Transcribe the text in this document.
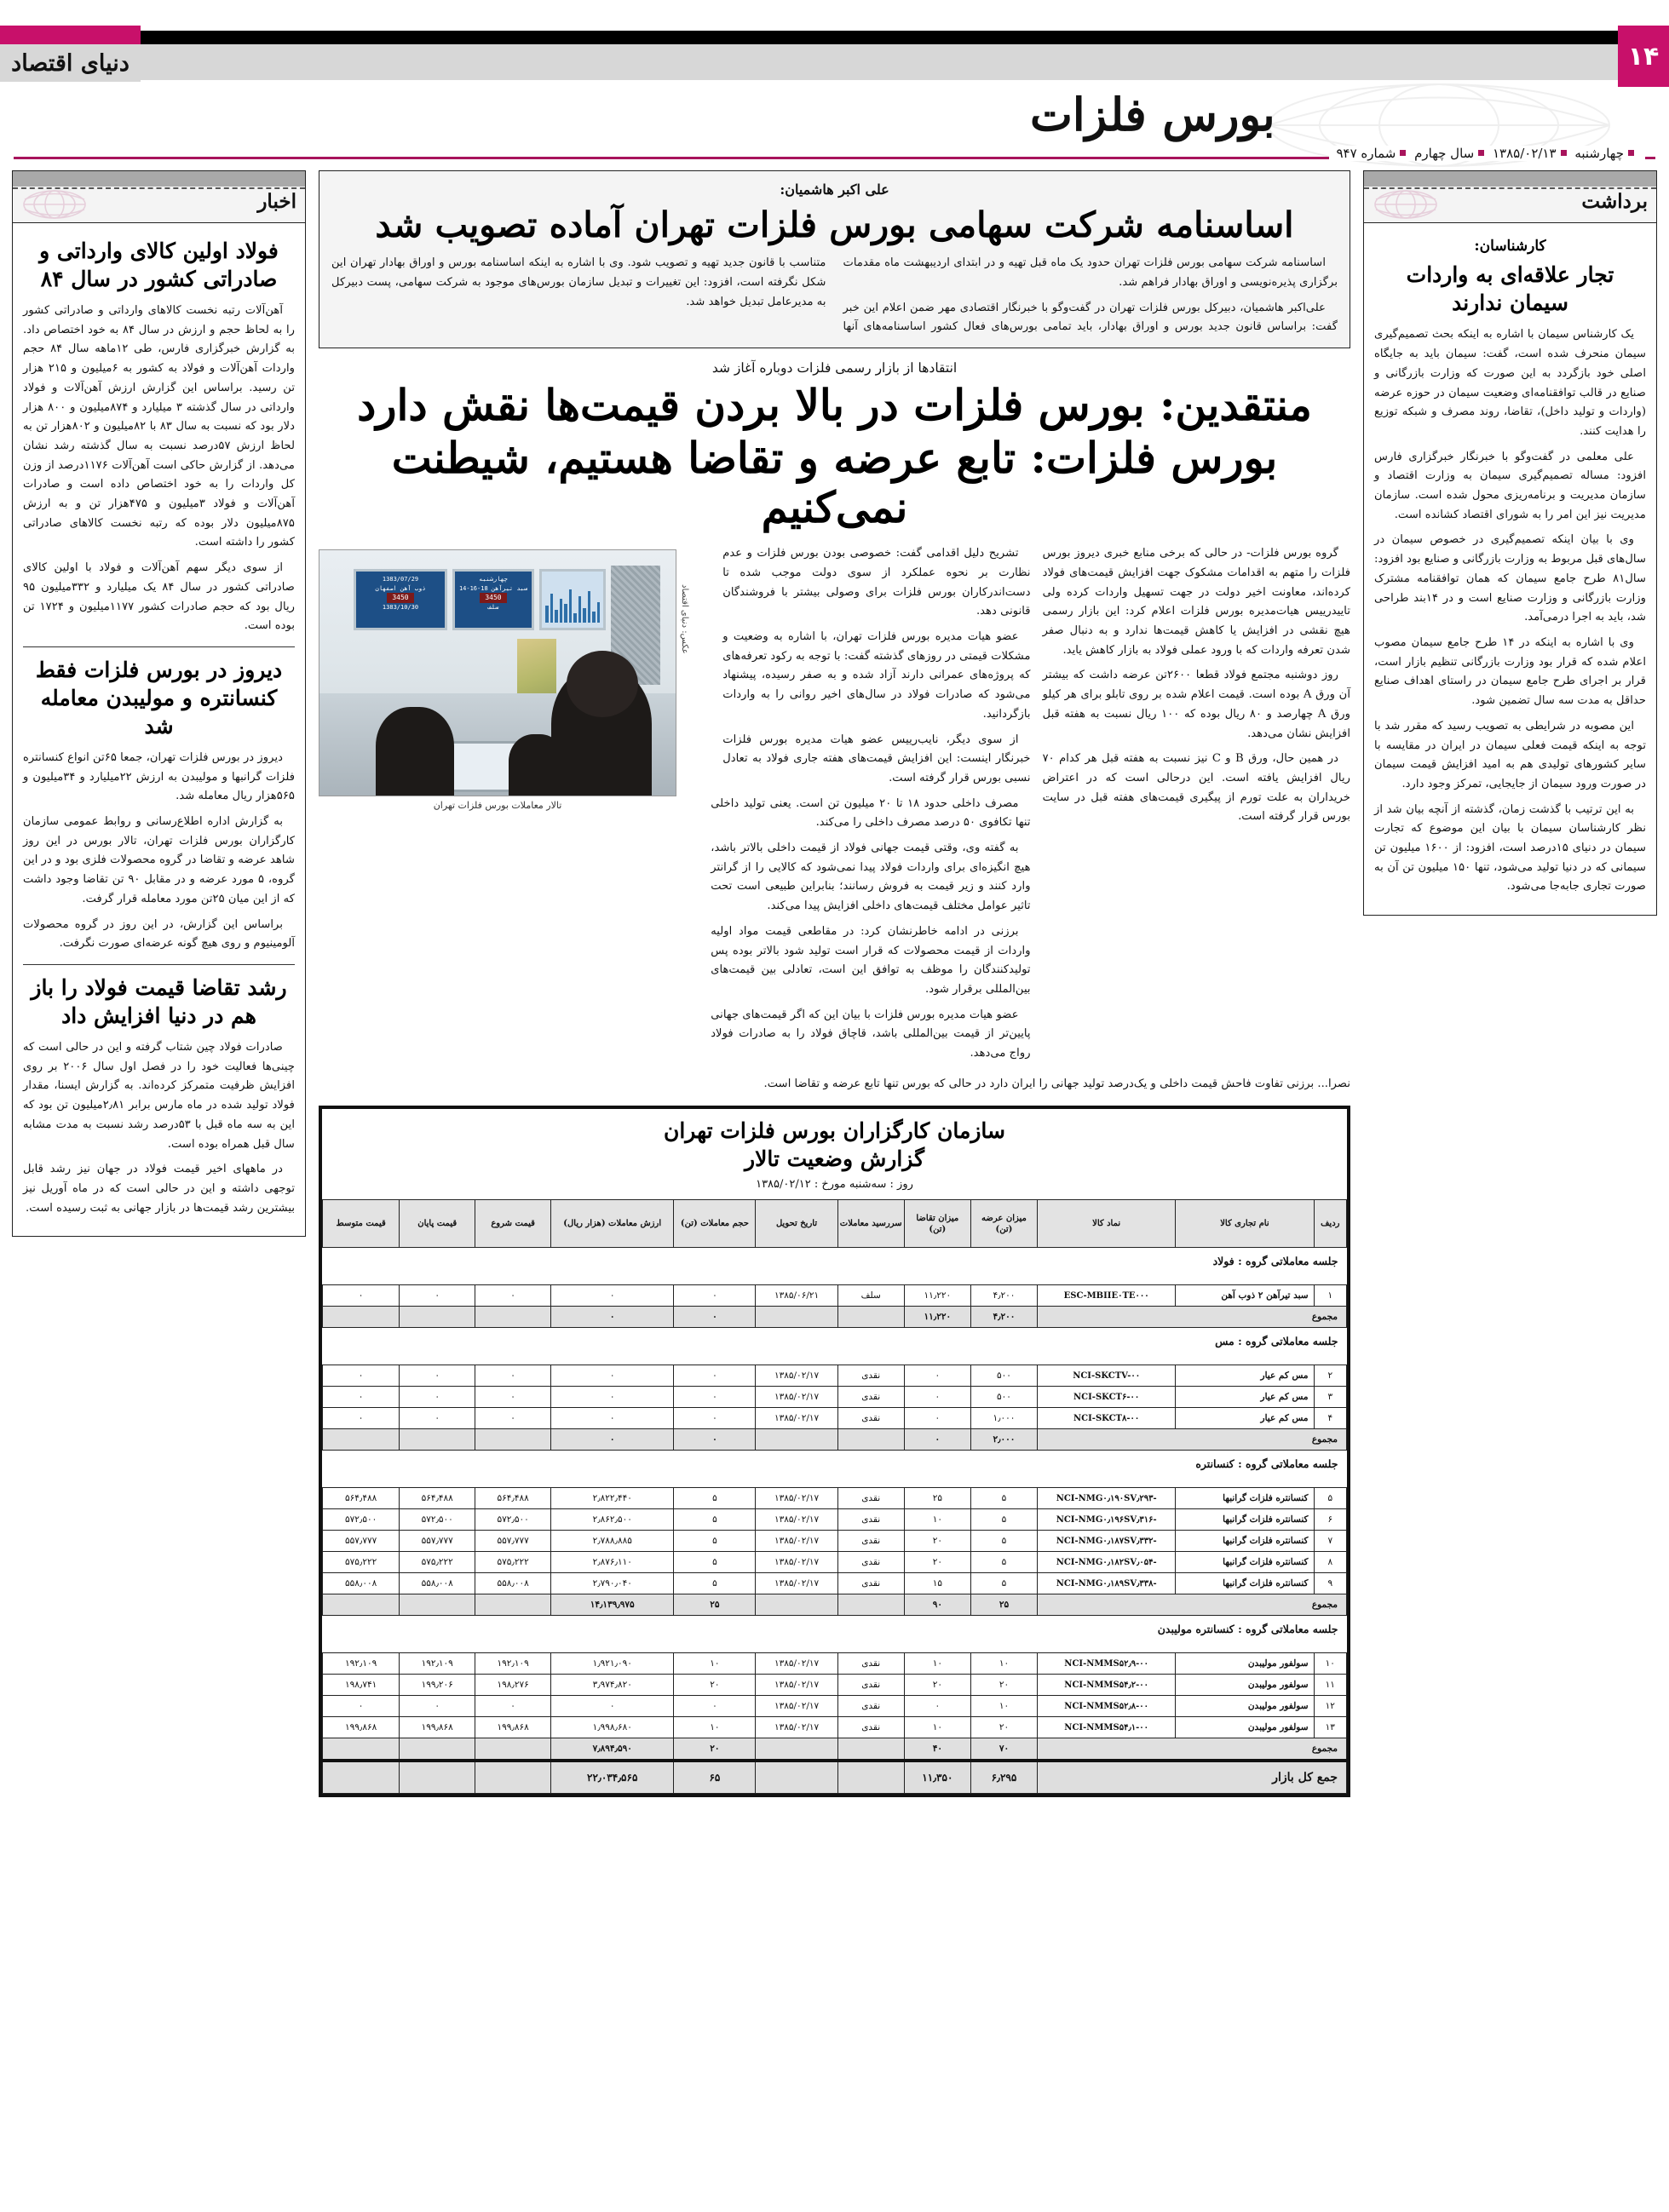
دنیای اقتصاد	۱۴
بورس فلزات
چهارشنبه ۱۳۸۵/۰۲/۱۳ سال چهارم شماره ۹۴۷
برداشت
کارشناسان:
تجار علاقه‌ای به واردات سیمان ندارند

یک کارشناس سیمان با اشاره به اینکه بحث تصمیم‌گیری سیمان منحرف شده است، گفت: سیمان باید به جایگاه اصلی خود بازگردد به این صورت که وزارت بازرگانی و صنایع در قالب توافقنامه‌ای وضعیت سیمان در حوزه عرضه (واردات و تولید داخل)، تقاضا، روند مصرف و شبکه توزیع را هدایت کنند.

علی معلمی در گفت‌وگو با خبرنگار خبرگزاری فارس افزود: مساله تصمیم‌گیری سیمان به وزارت اقتصاد و سازمان مدیریت و برنامه‌ریزی محول شده است. سازمان مدیریت نیز این امر را به شورای اقتصاد کشانده است.

وی با بیان اینکه تصمیم‌گیری در خصوص سیمان در سال‌های قبل مربوط به وزارت بازرگانی و صنایع بود افزود: سال۸۱ طرح جامع سیمان که همان توافقنامه مشترک وزارت بازرگانی و وزارت صنایع است و در ۱۴بند طراحی شد، باید به اجرا درمی‌آمد.

وی با اشاره به اینکه در ۱۴ طرح جامع سیمان مصوب اعلام شده که قرار بود وزارت بازرگانی تنظیم بازار است، قرار بر اجرای طرح جامع سیمان در راستای اهداف صنایع حداقل به مدت سه سال تضمین شود.

این مصوبه در شرایطی به تصویب رسید که مقرر شد با توجه به اینکه قیمت فعلی سیمان در ایران در مقایسه با سایر کشورهای تولیدی هم به امید افزایش قیمت سیمان در صورت ورود سیمان از جایجایی، تمرکز وجود دارد.

به این ترتیب با گذشت زمان، گذشته از آنچه بیان شد از نظر کارشناسان سیمان با بیان این موضوع که تجارت سیمان در دنیای ۱۵درصد است، افزود: از ۱۶۰۰ میلیون تن سیمانی که در دنیا تولید می‌شود، تنها ۱۵۰ میلیون تن آن به صورت تجاری جابه‌جا می‌شود.

اخبار
فولاد اولین کالای وارداتی و صادراتی کشور در سال ۸۴

آهن‌آلات رتبه نخست کالاهای وارداتی و صادراتی کشور را به لحاظ حجم و ارزش در سال ۸۴ به خود اختصاص داد. به گزارش خبرگزاری فارس، طی ۱۲ماهه سال ۸۴ حجم واردات آهن‌آلات و فولاد به کشور به ۶میلیون و ۲۱۵ هزار تن رسید. براساس این گزارش ارزش آهن‌آلات و فولاد وارداتی در سال گذشته ۳ میلیارد و ۸۷۴میلیون و ۸۰۰ هزار دلار بود که نسبت به سال ۸۳ با ۸۲میلیون و ۸۰۲هزار تن به لحاظ ارزش ۵۷درصد نسبت به سال گذشته رشد نشان می‌دهد. از گزارش حاکی است آهن‌آلات ۱۱۷۶درصد از وزن کل واردات را به خود اختصاص داده است و صادرات آهن‌آلات و فولاد ۳میلیون و ۴۷۵هزار تن و به ارزش ۸۷۵میلیون دلار بوده که رتبه نخست کالاهای صادراتی کشور را داشته است.

از سوی دیگر سهم آهن‌آلات و فولاد با اولین کالای صادراتی کشور در سال ۸۴ یک میلیارد و ۳۳۲میلیون ۹۵ ریال بود که حجم صادرات کشور ۱۱۷۷میلیون و ۱۷۲۴ تن بوده است.

دیروز در بورس فلزات فقط کنسانتره و مولیبدن معامله شد

دیروز در بورس فلزات تهران، جمعا ۶۵تن انواع کنسانتره فلزات گرانبها و مولیبدن به ارزش ۲۲میلیارد و ۳۴میلیون و ۵۶۵هزار ریال معامله شد.

به گزارش اداره اطلاع‌رسانی و روابط عمومی سازمان کارگزاران بورس فلزات تهران، تالار بورس در این روز شاهد عرضه و تقاضا در گروه محصولات فلزی بود و در این گروه، ۵ مورد عرضه و در مقابل ۹۰ تن تقاضا وجود داشت که از این میان ۲۵تن مورد معامله قرار گرفت.

براساس این گزارش، در این روز در گروه محصولات آلومینیوم و روی هیچ گونه عرضه‌ای صورت نگرفت.

رشد تقاضا قیمت فولاد را باز هم در دنیا افزایش داد

صادرات فولاد چین شتاب گرفته و این در حالی است که چینی‌ها فعالیت خود را در فصل اول سال ۲۰۰۶ بر روی افزایش ظرفیت متمرکز کرده‌اند. به گزارش ایسنا، مقدار فولاد تولید شده در ماه مارس برابر ۲٫۸۱میلیون تن بود که این به سه ماه قبل با ۵۳درصد رشد نسبت به مدت مشابه سال قبل همراه بوده است.

در ماههای اخیر قیمت فولاد در جهان نیز رشد قابل توجهی داشته و این در حالی است که در ماه آوریل نیز بیشترین رشد قیمت‌ها در بازار جهانی به ثبت رسیده است.

علی اکبر هاشمیان:
اساسنامه شرکت سهامی بورس فلزات تهران آماده تصویب شد

اساسنامه شرکت سهامی بورس فلزات تهران حدود یک ماه قبل تهیه و در ابتدای اردیبهشت ماه مقدمات برگزاری پذیره‌نویسی و اوراق بهادار فراهم شد.

علی‌اکبر هاشمیان، دبیرکل بورس فلزات تهران در گفت‌وگو با خبرنگار اقتصادی مهر ضمن اعلام این خبر گفت: براساس قانون جدید بورس و اوراق بهادار، باید تمامی بورس‌های فعال کشور اساسنامه‌های آنها متناسب با قانون جدید تهیه و تصویب شود. وی با اشاره به اینکه اساسنامه بورس و اوراق بهادار تهران این شکل نگرفته است، افزود: این تغییرات و تبدیل سازمان بورس‌های موجود به شرکت سهامی، پست دبیرکل به مدیرعامل تبدیل خواهد شد.

انتقادها از بازار رسمی فلزات دوباره آغاز شد
منتقدین: بورس فلزات در بالا بردن قیمت‌ها نقش دارد
بورس فلزات: تابع عرضه و تقاضا هستیم، شیطنت نمی‌کنیم
1383/07/29
ذوب آهن اصفهان
3450
1383/10/30
چهارشنبه
سبد تیرآهن 18-16-14
3450
سلف	عکس: دنیای اقتصاد
تالار معاملات بورس فلزات تهران

گروه بورس فلزات- در حالی که برخی منابع خبری دیروز بورس فلزات را متهم به اقدامات مشکوک جهت افزایش قیمت‌های فولاد کرده‌اند، معاونت اخیر دولت در جهت تسهیل واردات کرده ولی تاییدرییس هیات‌مدیره بورس فلزات اعلام کرد: این بازار رسمی هیچ نقشی در افزایش یا کاهش قیمت‌ها ندارد و به دنبال صفر شدن تعرفه واردات که با ورود عملی فولاد به بازار کاهش یاید.

روز دوشنبه مجتمع فولاد قطعا ۲۶۰۰تن عرضه داشت که بیشتر آن ورق A بوده است. قیمت اعلام شده بر روی تابلو برای هر کیلو ورق A چهارصد و ۸۰ ریال بوده که ۱۰۰ ریال نسبت به هفته قبل افزایش نشان می‌دهد.

در همین حال، ورق B و C نیز نسبت به هفته قبل هر کدام ۷۰ ریال افزایش یافته است. این درحالی است که در اعتراض خریداران به علت تورم از پیگیری قیمت‌های هفته قبل در سایت بورس قرار گرفته است.

تشریح دلیل اقدامی گفت: خصوصی بودن بورس فلزات و عدم نظارت بر نحوه عملکرد از سوی دولت موجب شده تا دست‌اندرکاران بورس فلزات برای وصولی بیشتر با فروشندگان قانونی دهد.

عضو هیات مدیره بورس فلزات تهران، با اشاره به وضعیت و مشکلات قیمتی در روزهای گذشته گفت: با توجه به رکود تعرفه‌های که پروژه‌های عمرانی دارند آزاد شده و به صفر رسیده، پیشنهاد می‌شود که صادرات فولاد در سال‌های اخیر روانی را به واردات بازگردانید.

از سوی دیگر، نایب‌رییس عضو هیات مدیره بورس فلزات خبرنگار اینست: این افزایش قیمت‌های هفته جاری فولاد به تعادل نسبی بورس قرار گرفته است.

مصرف داخلی حدود ۱۸ تا ۲۰ میلیون تن است. یعنی تولید داخلی تنها تکافوی ۵۰ درصد مصرف داخلی را می‌کند.

به گفته وی، وقتی قیمت جهانی فولاد از قیمت داخلی بالاتر باشد، هیچ انگیزه‌ای برای واردات فولاد پیدا نمی‌شود که کالایی را از گرانتر وارد کنند و زیر قیمت به فروش رسانند؛ بنابراین طبیعی است تحت تاثیر عوامل مختلف قیمت‌های داخلی افزایش پیدا می‌کند.

برزنی در ادامه خاطرنشان کرد: در مقاطعی قیمت مواد اولیه واردات از قیمت محصولات که قرار است تولید شود بالاتر بوده پس تولیدکنندگان را موظف به توافق این است، تعادلی بین قیمت‌های بین‌المللی برقرار شود.

عضو هیات مدیره بورس فلزات با بیان این که اگر قیمت‌های جهانی پایین‌تر از قیمت بین‌المللی باشد، قاچاق فولاد را به صادرات فولاد رواج می‌دهد.

نصرا... برزنی تفاوت فاحش قیمت داخلی و یک‌درصد تولید جهانی را ایران دارد در حالی که بورس تنها تابع عرضه و تقاضا است.
سازمان کارگزاران بورس فلزات تهران
گزارش وضعیت تالار
روز : سه‌شنبه مورخ : ۱۳۸۵/۰۲/۱۲
ردیف	نام تجاری کالا	نماد کالا	میزان عرضه (تن)	میزان تقاضا (تن)	سررسید معاملات	تاریخ تحویل	حجم معاملات (تن)	ارزش معاملات (هزار ریال)	قیمت شروع	قیمت پایان	قیمت متوسط
جلسه معاملاتی گروه : فولاد											
۱	سبد تیرآهن ۲ ذوب آهن	ESC-MBIIE۰TE۰۰۰	۴٫۲۰۰	۱۱٫۲۲۰	سلف	۱۳۸۵/۰۶/۲۱	۰	۰	۰	۰	۰
مجموع			۴٫۲۰۰	۱۱٫۲۲۰			۰	۰			
جلسه معاملاتی گروه : مس											
۲	مس کم عیار	NCI-SKCTV-۰۰	۵۰۰	۰	نقدی	۱۳۸۵/۰۲/۱۷	۰	۰	۰	۰	۰
۳	مس کم عیار	NCI-SKCT۶-۰۰	۵۰۰	۰	نقدی	۱۳۸۵/۰۲/۱۷	۰	۰	۰	۰	۰
۴	مس کم عیار	NCI-SKCT۸-۰۰	۱٫۰۰۰	۰	نقدی	۱۳۸۵/۰۲/۱۷	۰	۰	۰	۰	۰
مجموع			۲٫۰۰۰	۰			۰	۰			
جلسه معاملاتی گروه : کنسانتره											
۵	کنسانتره فلزات گرانبها	NCI-NMG۰٫۱۹۰SV٫۲۹۳-	۵	۲۵	نقدی	۱۳۸۵/۰۲/۱۷	۵	۲٫۸۲۲٫۴۴۰	۵۶۴٫۴۸۸	۵۶۴٫۴۸۸	۵۶۴٫۴۸۸
۶	کنسانتره فلزات گرانبها	NCI-NMG۰٫۱۹۶SV٫۳۱۶-	۵	۱۰	نقدی	۱۳۸۵/۰۲/۱۷	۵	۲٫۸۶۲٫۵۰۰	۵۷۲٫۵۰۰	۵۷۲٫۵۰۰	۵۷۲٫۵۰۰
۷	کنسانتره فلزات گرانبها	NCI-NMG۰٫۱۸۷SV٫۳۳۲-	۵	۲۰	نقدی	۱۳۸۵/۰۲/۱۷	۵	۲٫۷۸۸٫۸۸۵	۵۵۷٫۷۷۷	۵۵۷٫۷۷۷	۵۵۷٫۷۷۷
۸	کنسانتره فلزات گرانبها	NCI-NMG۰٫۱۸۲SV٫۰۵۴-	۵	۲۰	نقدی	۱۳۸۵/۰۲/۱۷	۵	۲٫۸۷۶٫۱۱۰	۵۷۵٫۲۲۲	۵۷۵٫۲۲۲	۵۷۵٫۲۲۲
۹	کنسانتره فلزات گرانبها	NCI-NMG۰٫۱۸۹SV٫۳۳۸-	۵	۱۵	نقدی	۱۳۸۵/۰۲/۱۷	۵	۲٫۷۹۰٫۰۴۰	۵۵۸٫۰۰۸	۵۵۸٫۰۰۸	۵۵۸٫۰۰۸
مجموع			۲۵	۹۰			۲۵	۱۴٫۱۳۹٫۹۷۵			
جلسه معاملاتی گروه : کنسانتره مولیبدن											
۱۰	سولفور مولیبدن	NCI-NMMS۵۲٫۹-۰۰	۱۰	۱۰	نقدی	۱۳۸۵/۰۲/۱۷	۱۰	۱٫۹۲۱٫۰۹۰	۱۹۲٫۱۰۹	۱۹۲٫۱۰۹	۱۹۲٫۱۰۹
۱۱	سولفور مولیبدن	NCI-NMMS۵۴٫۲-۰۰	۲۰	۲۰	نقدی	۱۳۸۵/۰۲/۱۷	۲۰	۳٫۹۷۴٫۸۲۰	۱۹۸٫۲۷۶	۱۹۹٫۲۰۶	۱۹۸٫۷۴۱
۱۲	سولفور مولیبدن	NCI-NMMS۵۲٫۸-۰۰	۱۰	۰	نقدی	۱۳۸۵/۰۲/۱۷	۰	۰	۰	۰	۰
۱۳	سولفور مولیبدن	NCI-NMMS۵۴٫۱-۰۰	۲۰	۱۰	نقدی	۱۳۸۵/۰۲/۱۷	۱۰	۱٫۹۹۸٫۶۸۰	۱۹۹٫۸۶۸	۱۹۹٫۸۶۸	۱۹۹٫۸۶۸
مجموع			۷۰	۴۰			۲۰	۷٫۸۹۴٫۵۹۰			
جمع کل بازار			۶٫۲۹۵	۱۱٫۳۵۰			۶۵	۲۲٫۰۳۴٫۵۶۵			
